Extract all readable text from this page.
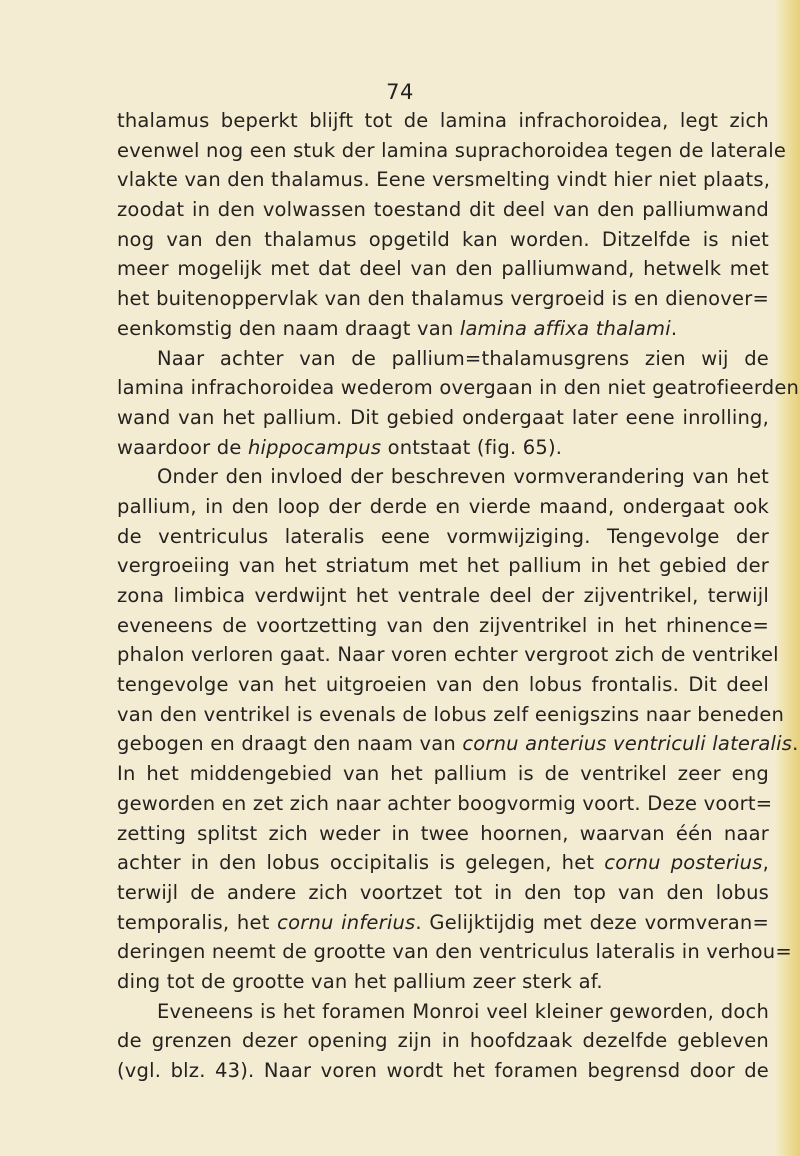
74
thalamus beperkt blijft tot de lamina infrachoroidea, legt zich
evenwel nog een stuk der lamina suprachoroidea tegen de laterale
vlakte van den thalamus. Eene versmelting vindt hier niet plaats,
zoodat in den volwassen toestand dit deel van den palliumwand
nog van den thalamus opgetild kan worden. Ditzelfde is niet
meer mogelijk met dat deel van den palliumwand, hetwelk met
het buitenoppervlak van den thalamus vergroeid is en dienover=
eenkomstig den naam draagt van lamina affixa thalami.
Naar achter van de pallium=thalamusgrens zien wij de
lamina infrachoroidea wederom overgaan in den niet geatrofieerden
wand van het pallium. Dit gebied ondergaat later eene inrolling,
waardoor de hippocampus ontstaat (fig. 65).
Onder den invloed der beschreven vormverandering van het
pallium, in den loop der derde en vierde maand, ondergaat ook
de ventriculus lateralis eene vormwijziging. Tengevolge der
vergroeiing van het striatum met het pallium in het gebied der
zona limbica verdwijnt het ventrale deel der zijventrikel, terwijl
eveneens de voortzetting van den zijventrikel in het rhinence=
phalon verloren gaat. Naar voren echter vergroot zich de ventrikel
tengevolge van het uitgroeien van den lobus frontalis. Dit deel
van den ventrikel is evenals de lobus zelf eenigszins naar beneden
gebogen en draagt den naam van cornu anterius ventriculi lateralis.
In het middengebied van het pallium is de ventrikel zeer eng
geworden en zet zich naar achter boogvormig voort. Deze voort=
zetting splitst zich weder in twee hoornen, waarvan één naar
achter in den lobus occipitalis is gelegen, het cornu posterius,
terwijl de andere zich voortzet tot in den top van den lobus
temporalis, het cornu inferius. Gelijktijdig met deze vormveran=
deringen neemt de grootte van den ventriculus lateralis in verhou=
ding tot de grootte van het pallium zeer sterk af.
Eveneens is het foramen Monroi veel kleiner geworden, doch
de grenzen dezer opening zijn in hoofdzaak dezelfde gebleven
(vgl. blz. 43). Naar voren wordt het foramen begrensd door de
